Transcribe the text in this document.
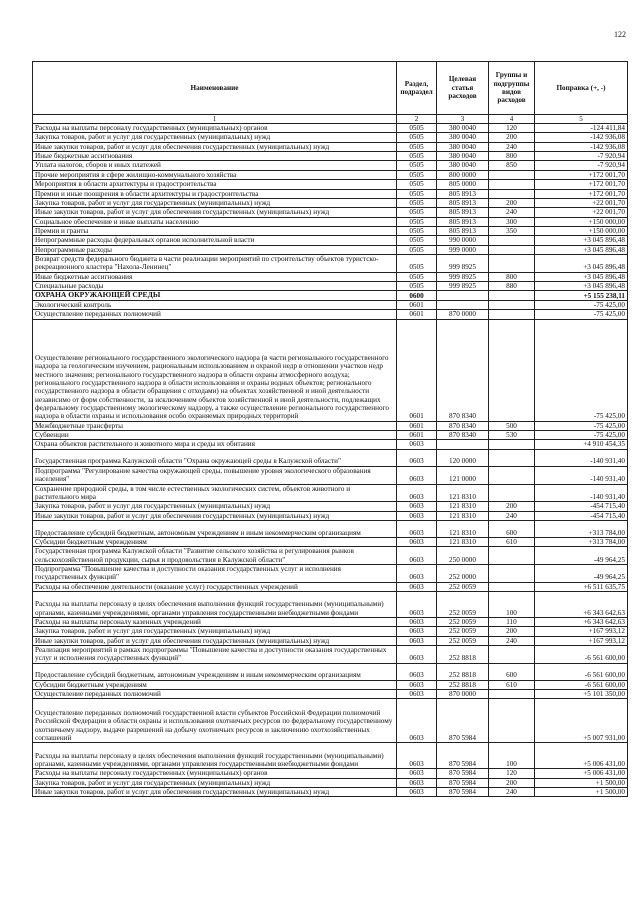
122
Наименование	Раздел, подраздел	Целевая статья расходов	Группы и подгруппы видов расходов	Поправка (+, -)
1	2	3	4	5
Расходы на выплаты персоналу государственных (муниципальных) органов	0505	380 0040	120	-124 411,84
Закупка товаров, работ и услуг для государственных (муниципальных) нужд	0505	380 0040	200	-142 936,08
Иные закупки товаров, работ и услуг для обеспечения государственных (муниципальных) нужд	0505	380 0040	240	-142 936,08
Иные бюджетные ассигнования	0505	380 0040	800	-7 920,94
Уплата налогов, сборов и иных платежей	0505	380 0040	850	-7 920,94
Прочие мероприятия в сфере жилищно-коммунального хозяйства	0505	800 0000		+172 001,70
Мероприятия в области архитектуры и градостроительства	0505	805 0000		+172 001,70
Премии и иные поощрения в области архитектуры и градостроительства	0505	805 8913		+172 001,70
Закупка товаров, работ и услуг для государственных (муниципальных) нужд	0505	805 8913	200	+22 001,70
Иные закупки товаров, работ и услуг для обеспечения государственных (муниципальных) нужд	0505	805 8913	240	+22 001,70
Социальное обеспечение и иные выплаты населению	0505	805 8913	300	+150 000,00
Премии и гранты	0505	805 8913	350	+150 000,00
Непрограммные расходы федеральных органов исполнительной власти	0505	990 0000		+3 045 896,48
Непрограммные расходы	0505	999 0000		+3 045 896,48
Возврат средств федерального бюджета в части реализации мероприятий по строительству объектов туристско-рекреационного кластера "Нахола-Ленинец"	0505	999 8925		+3 045 896,48
Иные бюджетные ассигнования	0505	999 8925	800	+3 045 896,48
Специальные расходы	0505	999 8925	880	+3 045 896,48
ОХРАНА ОКРУЖАЮЩЕЙ СРЕДЫ	0600			+5 155 238,11
Экологический контроль	0601			-75 425,00
Осуществление переданных полномочий	0601	870 0000		-75 425,00
Осуществление регионального государственного экологического надзора (в части регионального государственного надзора за геологическим изучением, рациональным использованием и охраной недр в отношении участков недр местного значения; регионального государственного надзора в области охраны атмосферного воздуха; регионального государственного надзора в области использования и охраны водных объектов; регионального государственного надзора в области обращения с отходами) на объектах хозяйственной и иной деятельности независимо от форм собственности, за исключением объектов хозяйственной и иной деятельности, подлежащих федеральному государственному экологическому надзору, а также осуществление регионального государственного надзора в области охраны и использования особо охраняемых природных территорий	0601	870 8340		-75 425,00
Межбюджетные трансферты	0601	870 8340	500	-75 425,00
Субвенции	0601	870 8340	530	-75 425,00
Охрана объектов растительного и животного мира и среды их обитания	0603			+4 910 454,35
Государственная программа Калужской области "Охрана окружающей среды в Калужской области"	0603	120 0000		-140 931,40
Подпрограмма "Регулирование качества окружающей среды, повышение уровня экологического образования населения"	0603	121 0000		-140 931,40
Сохранение природной среды, в том числе естественных экологических систем, объектов животного и растительного мира	0603	121 8310		-140 931,40
Закупка товаров, работ и услуг для государственных (муниципальных) нужд	0603	121 8310	200	-454 715,40
Иные закупки товаров, работ и услуг для обеспечения государственных (муниципальных) нужд	0603	121 8310	240	-454 715,40
Предоставление субсидий бюджетным, автономным учреждениям и иным некоммерческим организациям	0603	121 8310	600	+313 784,00
Субсидии бюджетным учреждениям	0603	121 8310	610	+313 784,00
Государственная программа Калужской области "Развитие сельского хозяйства и регулирования рынков сельскохозяйственной продукции, сырья и продовольствия в Калужской области"	0603	250 0000		-49 964,25
Подпрограмма "Повышение качества и доступности оказания государственных услуг и исполнения государственных функций"	0603	252 0000		-49 964,25
Расходы на обеспечение деятельности (оказание услуг) государственных учреждений	0603	252 0059		+6 511 635,75
Расходы на выплаты персоналу в целях обеспечения выполнения функций государственными (муниципальными) органами, казенными учреждениями, органами управления государственными внебюджетными фондами	0603	252 0059	100	+6 343 642,63
Расходы на выплаты персоналу казенных учреждений	0603	252 0059	110	+6 343 642,63
Закупка товаров, работ и услуг для государственных (муниципальных) нужд	0603	252 0059	200	+167 993,12
Иные закупки товаров, работ и услуг для обеспечения государственных (муниципальных) нужд	0603	252 0059	240	+167 993,12
Реализация мероприятий в рамках подпрограммы "Повышение качества и доступности оказания государственных услуг и исполнения государственных функций"	0603	252 8818		-6 561 600,00
Предоставление субсидий бюджетным, автономным учреждениям и иным некоммерческим организациям	0603	252 8818	600	-6 561 600,00
Субсидии бюджетным учреждениям	0603	252 8818	610	-6 561 600,00
Осуществление переданных полномочий	0603	870 0000		+5 101 350,00
Осуществление переданных полномочий государственной власти субъектов Российской Федерации полномочий Российской Федерации в области охраны и использования охотничьих ресурсов по федеральному государственному охотничьему надзору, выдаче разрешений на добычу охотничьих ресурсов и заключению охотхозяйственных соглашений	0603	870 5984		+5 007 931,00
Расходы на выплаты персоналу в целях обеспечения выполнения функций государственными (муниципальными) органами, казенными учреждениями, органами управления государственными внебюджетными фондами	0603	870 5984	100	+5 006 431,00
Расходы на выплаты персоналу государственных (муниципальных) органов	0603	870 5984	120	+5 006 431,00
Закупка товаров, работ и услуг для государственных (муниципальных) нужд	0603	870 5984	200	+1 500,00
Иные закупки товаров, работ и услуг для обеспечения государственных (муниципальных) нужд	0603	870 5984	240	+1 500,00
